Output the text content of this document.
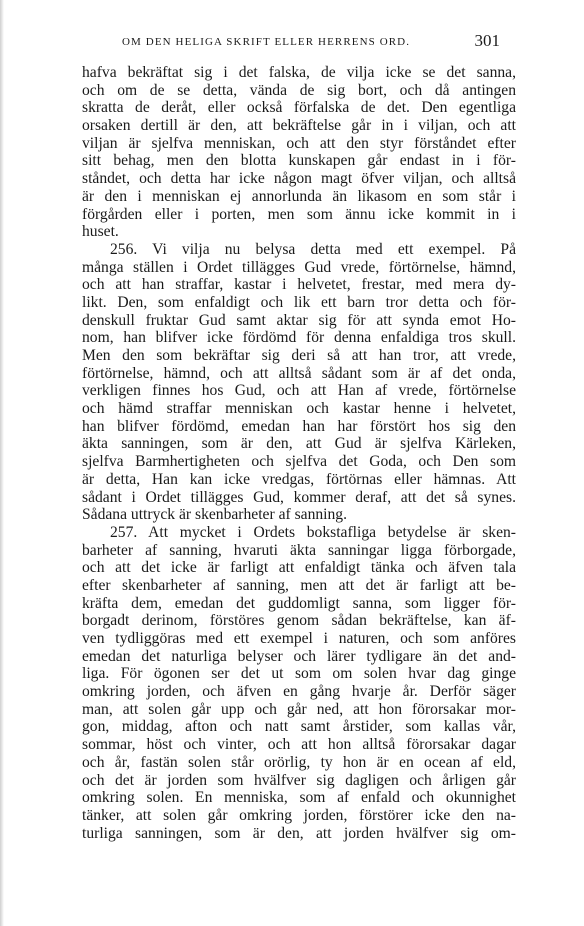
OM DEN HELIGA SKRIFT ELLER HERRENS ORD.	301
hafva bekräftat sig i det falska, de vilja icke se det sanna,
och om de se detta, vända de sig bort, och då antingen
skratta de deråt, eller också förfalska de det. Den egentliga
orsaken dertill är den, att bekräftelse går in i viljan, och att
viljan är sjelfva menniskan, och att den styr förståndet efter
sitt behag, men den blotta kunskapen går endast in i för-
ståndet, och detta har icke någon magt öfver viljan, och alltså
är den i menniskan ej annorlunda än likasom en som står i
förgården eller i porten, men som ännu icke kommit in i
huset.
256. Vi vilja nu belysa detta med ett exempel. På
många ställen i Ordet tillägges Gud vrede, förtörnelse, hämnd,
och att han straffar, kastar i helvetet, frestar, med mera dy-
likt. Den, som enfaldigt och lik ett barn tror detta och för-
denskull fruktar Gud samt aktar sig för att synda emot Ho-
nom, han blifver icke fördömd för denna enfaldiga tros skull.
Men den som bekräftar sig deri så att han tror, att vrede,
förtörnelse, hämnd, och att alltså sådant som är af det onda,
verkligen finnes hos Gud, och att Han af vrede, förtörnelse
och hämd straffar menniskan och kastar henne i helvetet,
han blifver fördömd, emedan han har förstört hos sig den
äkta sanningen, som är den, att Gud är sjelfva Kärleken,
sjelfva Barmhertigheten och sjelfva det Goda, och Den som
är detta, Han kan icke vredgas, förtörnas eller hämnas. Att
sådant i Ordet tillägges Gud, kommer deraf, att det så synes.
Sådana uttryck är skenbarheter af sanning.
257. Att mycket i Ordets bokstafliga betydelse är sken-
barheter af sanning, hvaruti äkta sanningar ligga förborgade,
och att det icke är farligt att enfaldigt tänka och äfven tala
efter skenbarheter af sanning, men att det är farligt att be-
kräfta dem, emedan det guddomligt sanna, som ligger för-
borgadt derinom, förstöres genom sådan bekräftelse, kan äf-
ven tydliggöras med ett exempel i naturen, och som anföres
emedan det naturliga belyser och lärer tydligare än det and-
liga. För ögonen ser det ut som om solen hvar dag ginge
omkring jorden, och äfven en gång hvarje år. Derför säger
man, att solen går upp och går ned, att hon förorsakar mor-
gon, middag, afton och natt samt årstider, som kallas vår,
sommar, höst och vinter, och att hon alltså förorsakar dagar
och år, fastän solen står orörlig, ty hon är en ocean af eld,
och det är jorden som hvälfver sig dagligen och årligen går
omkring solen. En menniska, som af enfald och okunnighet
tänker, att solen går omkring jorden, förstörer icke den na-
turliga sanningen, som är den, att jorden hvälfver sig om-
